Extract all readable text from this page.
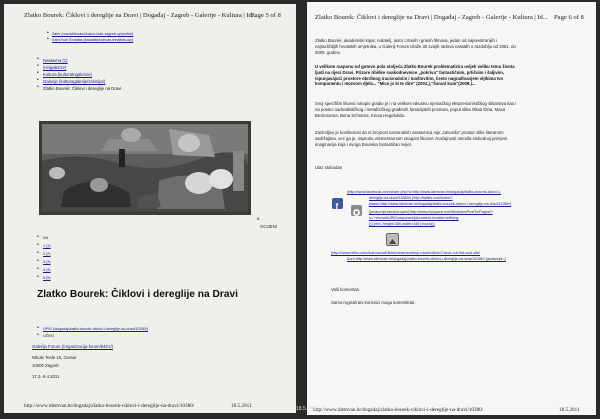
Zlatko Bourek: Čiklovi i dereglije na Dravi | Događaj - Zagreb - Galerije - Kultura | Id...
Page 5 of 8
• Zaler (nozni/lebzavo/kamo-ivan-zagreb-up/pretiz/)
• Kami ivan Ervatlas (kaosabiotozivan-treviaba-up/)
• Nastavna (1)
• (Hngalerize)
• Kultura (kulturalngalerize)
• Galerije (kulturagalerije/zelvnija/)
• Zlatko Bourek: Čiklovi i dereglije na Dravi
a
OCIJENI
• 0/5
• 1 (1)
• 2 (2)
• 3 (3)
• 4 (4)
• 5 (5)
Zlatko Bourek: Čiklovi i dereglije na Dravi
• OPIS (/dogadaj/zlatko-bourek-ciklovi-i-dereglije-na-dravi/10380/)
• UŽIVO
Galerija Forum (/organizacija-forum/9401/)
Nikole Tesle 16, Centar
10000 Zagreb
17.3.-9.4.2011
http://www.idemvan.hr/dogadaj/zlatko-bourek-ciklovi-i-dereglije-na-dravi/10380/	18.5.2011
Zlatko Bourek: Čiklovi i dereglije na Dravi | Događaj - Zagreb - Galerije - Kultura | Id... Page 6 of 8
Zlatko Bourek, akademski kipar, redatelj, autor crtanih i granih filmova, jedan od najsvestranijih i
najrazličitijih hrvatskih umjetnika, u Galeriji Forum izlaže 30 svojih radova nastalih u razdoblju od 1961. do
2009. godine.
U velikom rasponu od gotovo pola stoljeća Zlatko Bourek problematizira uvijek veliku temu života
ljudi na rijeci Dravi. Prizore ribiške svakodnevnice „pokriva" fantastičnim, prličnim i šaljivim,
ispunjavajući prostore obrdinog iracionalnim i maštovitim, često nagrađivanjem vijtkima Ivo
komponentu i mozvom djela... "Mice jo ki te dire" (2001.),"Šaranl kum"(2008.)...
Svoj specifični likovni rukopis gradio je i na velikom iskustvu njemačkog ekspresionističkog slikarstva kao i
na poetici nadrealističkog i metafizičkog građenih fantazijskih prostora, poput slika Oltaa Dina, Maxa
Beckmanna, Bena Schrama, Knuta Hegelutida.
Zanimljivo je korištenost da ni brojnost nacionalnih sastavnica nije „zatvorila" prostor slike literarnim
sadržajima, već ga je, naprotiv, elementarnom snagom likovne značajnosti otvorila slobodnoj primjeni
imaginacija koja i ovoga Boureka fantastičan svijet.
Ulaz slobodan
f
(http://www.facebook.com/share.php?u=http://www.idemvan.hr/dogadaj/zlatko-bourek-ciklovi-i-
dereglije-na-dravi/10380/) (http://twitter.com/home?
status=http://www.idemvan.hr/dogadaj/zlatko-bourek-ciklovi-i-dereglije-na-dravi/10380/)
(javascript:window.open('http://www.myspace.com/Modules/PostTo/Pages/?
u='+encodeURIComponent(document.location.toString
()),'ptm','height=450,width=440').focus())
(http://www.retloo.com/submaroak/links/clearnave/tmp=rew/tr4bird=Check out this cool site!
&url=http://www.idemvan.hr/dogadaj/zlatko-bourek-ciklovi-i-dereglije-na-dravi/10380/ (javascript:;)
Vaši komentari
Samo registrirani korisnici mogu komentirati.
http://www.idemvan.hr/dogadaj/zlatko-bourek-ciklovi-i-dereglije-na-dravi/10380/	18.5.2011
18.5.2011
